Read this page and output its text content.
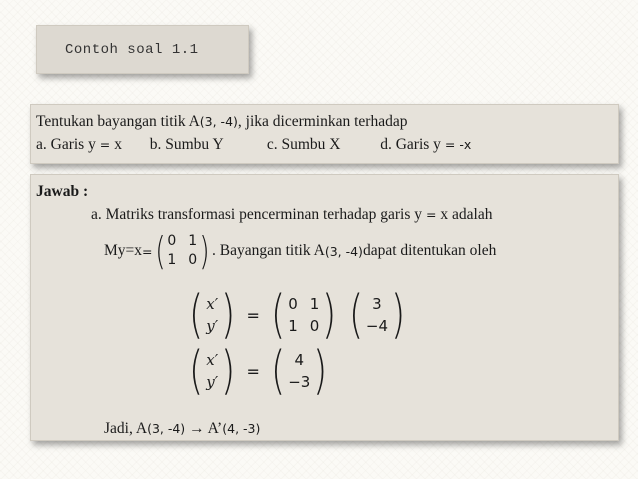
Contoh soal 1.1
Tentukan bayangan titik A(3, -4), jika dicerminkan terhadap
a. Garis y = x b. Sumbu Y	c. Sumbu X	d. Garis y = -x
Jawab :
a. Matriks transformasi pencerminan terhadap garis y = x adalah
My=x = ( 0 1
1 0 ) . Bayangan titik A (3, -4) dapat ditentukan oleh
( x′
y′ ) = ( 0 1
1 0 ) ( 3
−4 )
( x′
y′ ) = ( 4
−3 )
Jadi, A(3, -4) → A’(4, -3)
